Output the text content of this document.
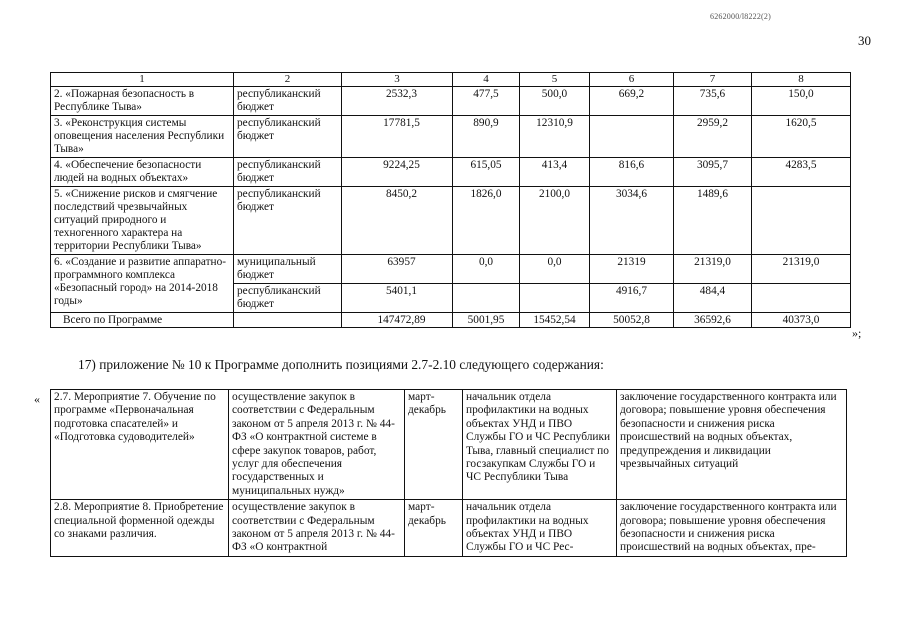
6262000/l8222(2)
30
1	2	3	4	5	6	7	8
2. «Пожарная безопасность в Республике Тыва»	республиканский бюджет	2532,3	477,5	500,0	669,2	735,6	150,0
3. «Реконструкция системы оповещения населения Республики Тыва»	республиканский бюджет	17781,5	890,9	12310,9		2959,2	1620,5
4. «Обеспечение безопасности людей на водных объектах»	республиканский бюджет	9224,25	615,05	413,4	816,6	3095,7	4283,5
5. «Снижение рисков и смягчение последствий чрезвычайных ситуаций природного и техногенного характера на территории Республики Тыва»	республиканский бюджет	8450,2	1826,0	2100,0	3034,6	1489,6	
6. «Создание и развитие аппаратно-программного комплекса «Безопасный город» на 2014-2018 годы»	муниципальный бюджет	63957	0,0	0,0	21319	21319,0	21319,0
	республиканский бюджет	5401,1			4916,7	484,4	
Всего по Программе		147472,89	5001,95	15452,54	50052,8	36592,6	40373,0
»;
17) приложение № 10 к Программе дополнить позициями 2.7-2.10 следующего содержания:
« 2.7. Мероприятие 7. Обучение по программе «Первоначальная подготовка спасателей» и «Подготовка судоводителей»	осуществление закупок в соответствии с Федеральным законом от 5 апреля 2013 г. № 44-ФЗ «О контрактной системе в сфере закупок товаров, работ, услуг для обеспечения государственных и муниципальных нужд»	март-декабрь	начальник отдела профилактики на водных объектах УНД и ПВО Службы ГО и ЧС Республики Тыва, главный специалист по госзакупкам Службы ГО и ЧС Республики Тыва	заключение государственного контракта или договора; повышение уровня обеспечения безопасности и снижения риска происшествий на водных объектах, предупреждения и ликвидации чрезвычайных ситуаций
2.8. Мероприятие 8. Приобретение специальной форменной одежды со знаками различия.	осуществление закупок в соответствии с Федеральным законом от 5 апреля 2013 г. № 44-ФЗ «О контрактной	март-декабрь	начальник отдела профилактики на водных объектах УНД и ПВО Службы ГО и ЧС Рес-	заключение государственного контракта или договора; повышение уровня обеспечения безопасности и снижения риска происшествий на водных объектах, пре-
